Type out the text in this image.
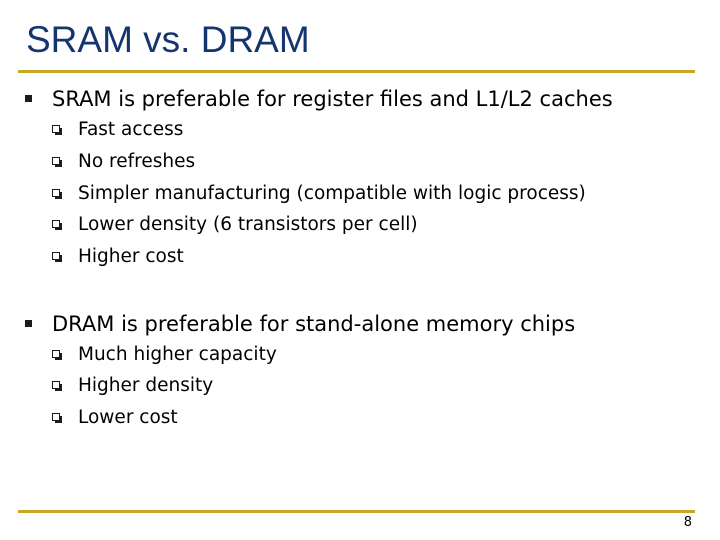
SRAM vs. DRAM
SRAM is preferable for register files and L1/L2 caches
Fast access
No refreshes
Simpler manufacturing (compatible with logic process)
Lower density (6 transistors per cell)
Higher cost
DRAM is preferable for stand-alone memory chips
Much higher capacity
Higher density
Lower cost
8
